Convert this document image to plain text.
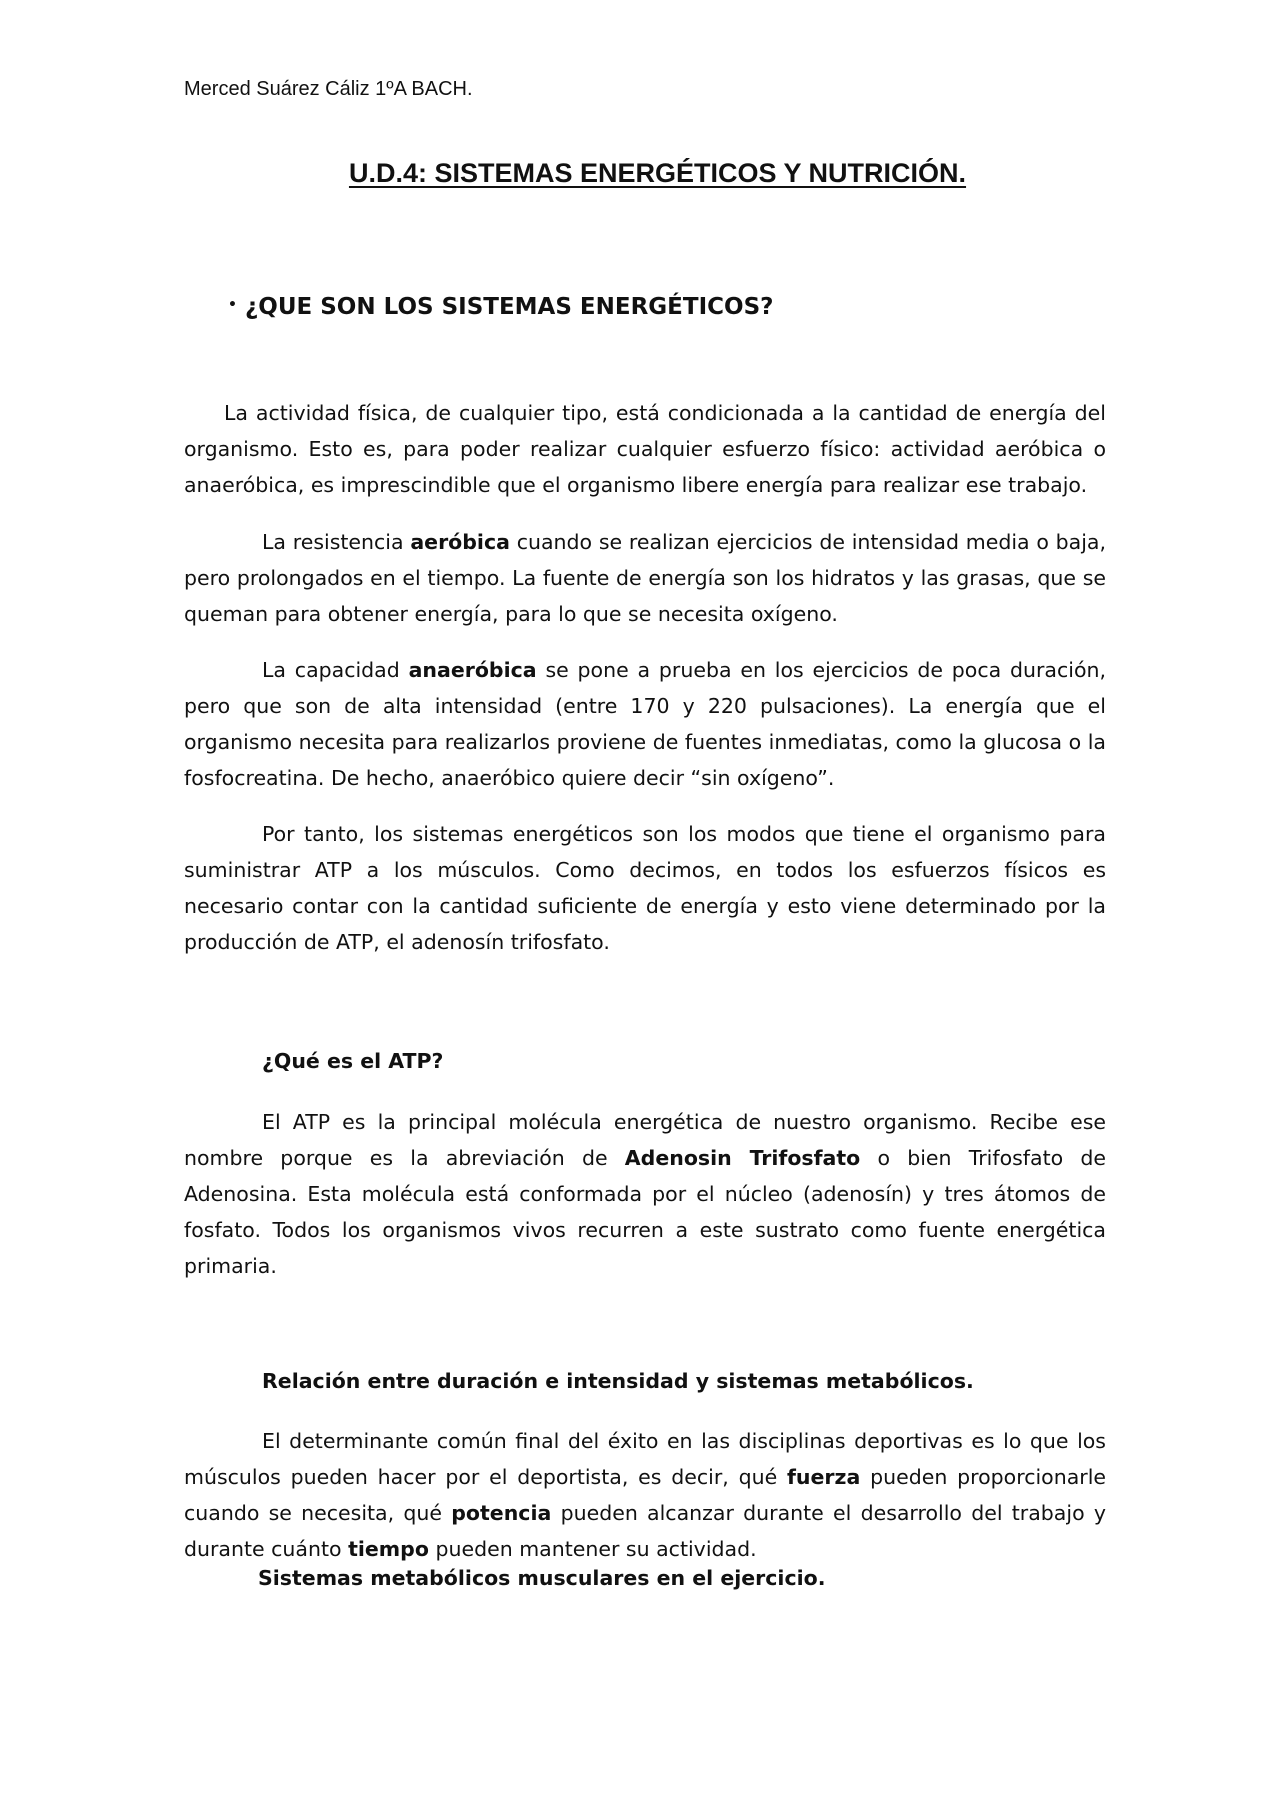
Merced Suárez Cáliz 1ºA BACH.
U.D.4: SISTEMAS ENERGÉTICOS Y NUTRICIÓN.
• ¿QUE SON LOS SISTEMAS ENERGÉTICOS?

La actividad física, de cualquier tipo, está condicionada a la cantidad de energía del organismo. Esto es, para poder realizar cualquier esfuerzo físico: actividad aeróbica o anaeróbica, es imprescindible que el organismo libere energía para realizar ese trabajo.

La resistencia aeróbica cuando se realizan ejercicios de intensidad media o baja, pero prolongados en el tiempo. La fuente de energía son los hidratos y las grasas, que se queman para obtener energía, para lo que se necesita oxígeno.

La capacidad anaeróbica se pone a prueba en los ejercicios de poca duración, pero que son de alta intensidad (entre 170 y 220 pulsaciones). La energía que el organismo necesita para realizarlos proviene de fuentes inmediatas, como la glucosa o la fosfocreatina. De hecho, anaeróbico quiere decir “sin oxígeno”.

Por tanto, los sistemas energéticos son los modos que tiene el organismo para suministrar ATP a los músculos. Como decimos, en todos los esfuerzos físicos es necesario contar con la cantidad suficiente de energía y esto viene determinado por la producción de ATP, el adenosín trifosfato.

¿Qué es el ATP?

El ATP es la principal molécula energética de nuestro organismo. Recibe ese nombre porque es la abreviación de Adenosin Trifosfato o bien Trifosfato de Adenosina. Esta molécula está conformada por el núcleo (adenosín) y tres átomos de fosfato. Todos los organismos vivos recurren a este sustrato como fuente energética primaria.

Relación entre duración e intensidad y sistemas metabólicos.

El determinante común final del éxito en las disciplinas deportivas es lo que los músculos pueden hacer por el deportista, es decir, qué fuerza pueden proporcionarle cuando se necesita, qué potencia pueden alcanzar durante el desarrollo del trabajo y durante cuánto tiempo pueden mantener su actividad.

Sistemas metabólicos musculares en el ejercicio.
